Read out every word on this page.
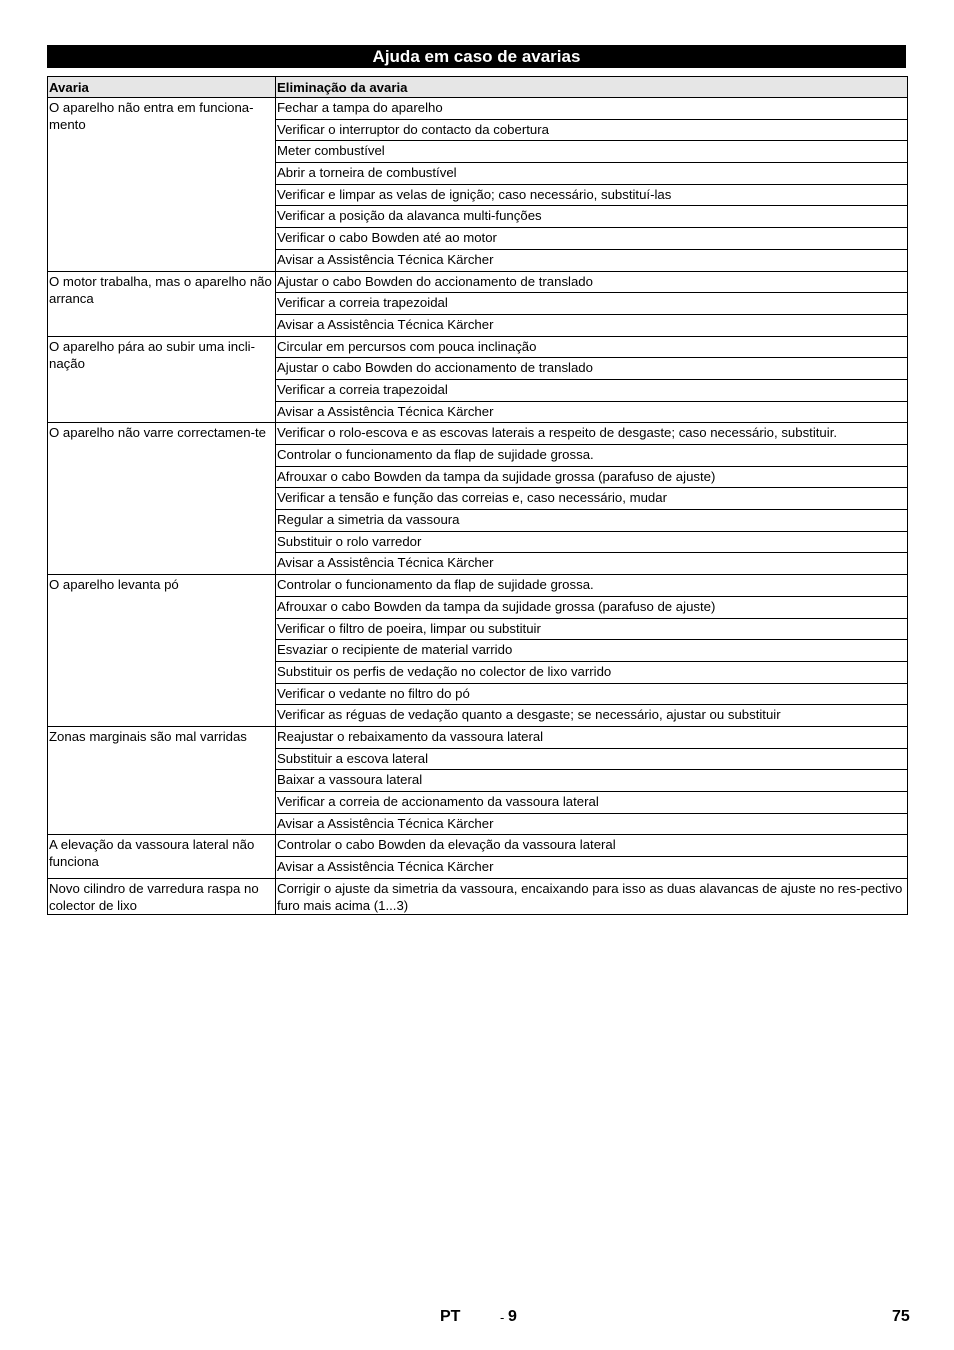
Ajuda em caso de avarias
Avaria	Eliminação da avaria
O aparelho não entra em funciona-mento	Fechar a tampa do aparelho
	Verificar o interruptor do contacto da cobertura
	Meter combustível
	Abrir a torneira de combustível
	Verificar e limpar as velas de ignição; caso necessário, substituí-las
	Verificar a posição da alavanca multi-funções
	Verificar o cabo Bowden até ao motor
	Avisar a Assistência Técnica Kärcher
O motor trabalha, mas o aparelho não arranca	Ajustar o cabo Bowden do accionamento de translado
	Verificar a correia trapezoidal
	Avisar a Assistência Técnica Kärcher
O aparelho pára ao subir uma incli-nação	Circular em percursos com pouca inclinação
	Ajustar o cabo Bowden do accionamento de translado
	Verificar a correia trapezoidal
	Avisar a Assistência Técnica Kärcher
O aparelho não varre correctamen-te	Verificar o rolo-escova e as escovas laterais a respeito de desgaste; caso necessário, substituir.
	Controlar o funcionamento da flap de sujidade grossa.
	Afrouxar o cabo Bowden da tampa da sujidade grossa (parafuso de ajuste)
	Verificar a tensão e função das correias e, caso necessário, mudar
	Regular a simetria da vassoura
	Substituir o rolo varredor
	Avisar a Assistência Técnica Kärcher
O aparelho levanta pó	Controlar o funcionamento da flap de sujidade grossa.
	Afrouxar o cabo Bowden da tampa da sujidade grossa (parafuso de ajuste)
	Verificar o filtro de poeira, limpar ou substituir
	Esvaziar o recipiente de material varrido
	Substituir os perfis de vedação no colector de lixo varrido
	Verificar o vedante no filtro do pó
	Verificar as réguas de vedação quanto a desgaste; se necessário, ajustar ou substituir
Zonas marginais são mal varridas	Reajustar o rebaixamento da vassoura lateral
	Substituir a escova lateral
	Baixar a vassoura lateral
	Verificar a correia de accionamento da vassoura lateral
	Avisar a Assistência Técnica Kärcher
A elevação da vassoura lateral não funciona	Controlar o cabo Bowden da elevação da vassoura lateral
	Avisar a Assistência Técnica Kärcher
Novo cilindro de varredura raspa no colector de lixo	Corrigir o ajuste da simetria da vassoura, encaixando para isso as duas alavancas de ajuste no res-pectivo furo mais acima (1...3)
PT	- 9	75
